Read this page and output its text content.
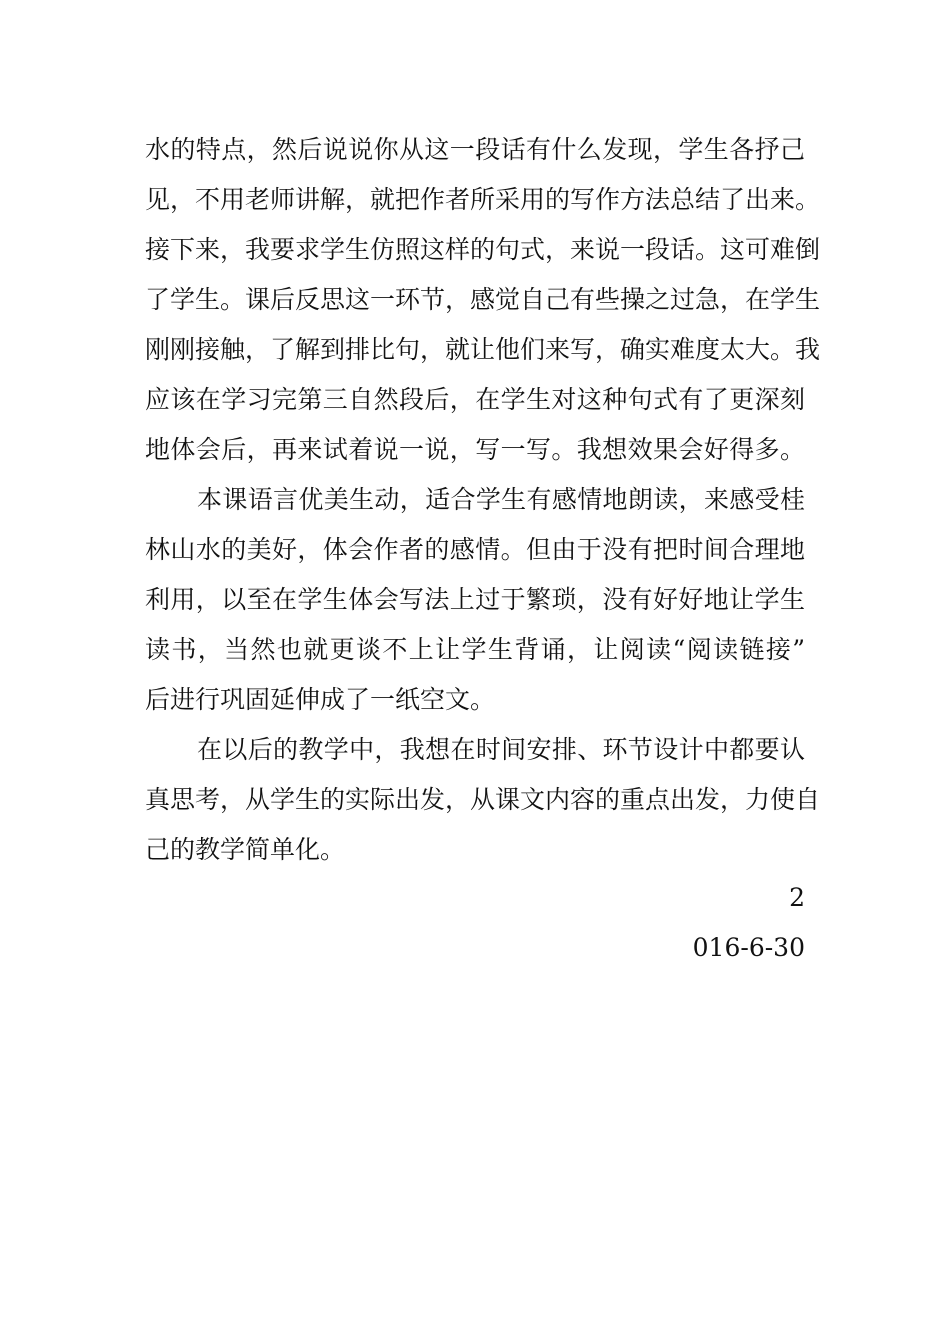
水的特点，然后说说你从这一段话有什么发现，学生各抒己
见，不用老师讲解，就把作者所采用的写作方法总结了出来。
接下来，我要求学生仿照这样的句式，来说一段话。这可难倒
了学生。课后反思这一环节，感觉自己有些操之过急，在学生
刚刚接触，了解到排比句，就让他们来写，确实难度太大。我
应该在学习完第三自然段后，在学生对这种句式有了更深刻
地体会后，再来试着说一说，写一写。我想效果会好得多。
本课语言优美生动，适合学生有感情地朗读，来感受桂
林山水的美好，体会作者的感情。但由于没有把时间合理地
利用，以至在学生体会写法上过于繁琐，没有好好地让学生
读书，当然也就更谈不上让学生背诵，让阅读“阅读链接”
后进行巩固延伸成了一纸空文。
在以后的教学中，我想在时间安排、环节设计中都要认
真思考，从学生的实际出发，从课文内容的重点出发，力使自
己的教学简单化。
2
016-6-30
